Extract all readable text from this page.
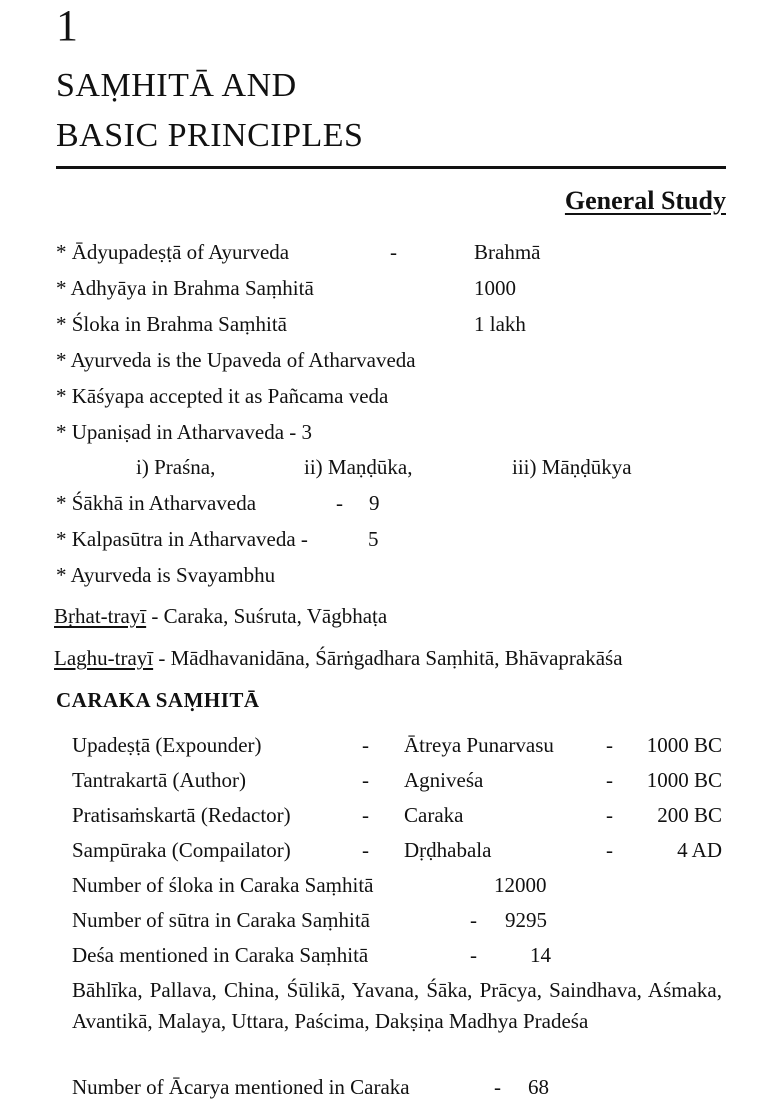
1
SAṂHITĀ AND
BASIC PRINCIPLES
General Study
* Ādyupadeṣṭā of Ayurveda	-	Brahmā
* Adhyāya in Brahma Saṃhitā	1000
* Śloka in Brahma Saṃhitā	1 lakh
* Ayurveda is the Upaveda of Atharvaveda
* Kāśyapa accepted it as Pañcama veda
* Upaniṣad in Atharvaveda - 3
i) Praśna,	ii) Maṇḍūka,	iii) Māṇḍūkya
* Śākhā in Atharvaveda	- 9
* Kalpasūtra in Atharvaveda -	5
* Ayurveda is Svayambhu
Bṛhat-trayī - Caraka, Suśruta, Vāgbhaṭa
Laghu-trayī - Mādhavanidāna, Śārṅgadhara Saṃhitā, Bhāvaprakāśa
CARAKA SAṂHITĀ
Upadeṣṭā (Expounder)	- Ātreya Punarvasu -	1000 BC
Tantrakartā (Author)	- Agniveśa	-	1000 BC
Pratisaṁskartā (Redactor)	- Caraka	-	200 BC
Sampūraka (Compailator)	- Dṛḍhabala	-	4 AD
Number of śloka in Caraka Saṃhitā	12000
Number of sūtra in Caraka Saṃhitā	- 9295
Deśa mentioned in Caraka Saṃhitā	-	14
Bāhlīka, Pallava, China, Śūlikā, Yavana, Śāka, Prācya, Saindhava, Aśmaka, Avantikā, Malaya, Uttara, Paścima, Dakṣiṇa Madhya Pradeśa
Number of Ācarya mentioned in Caraka	- 68
